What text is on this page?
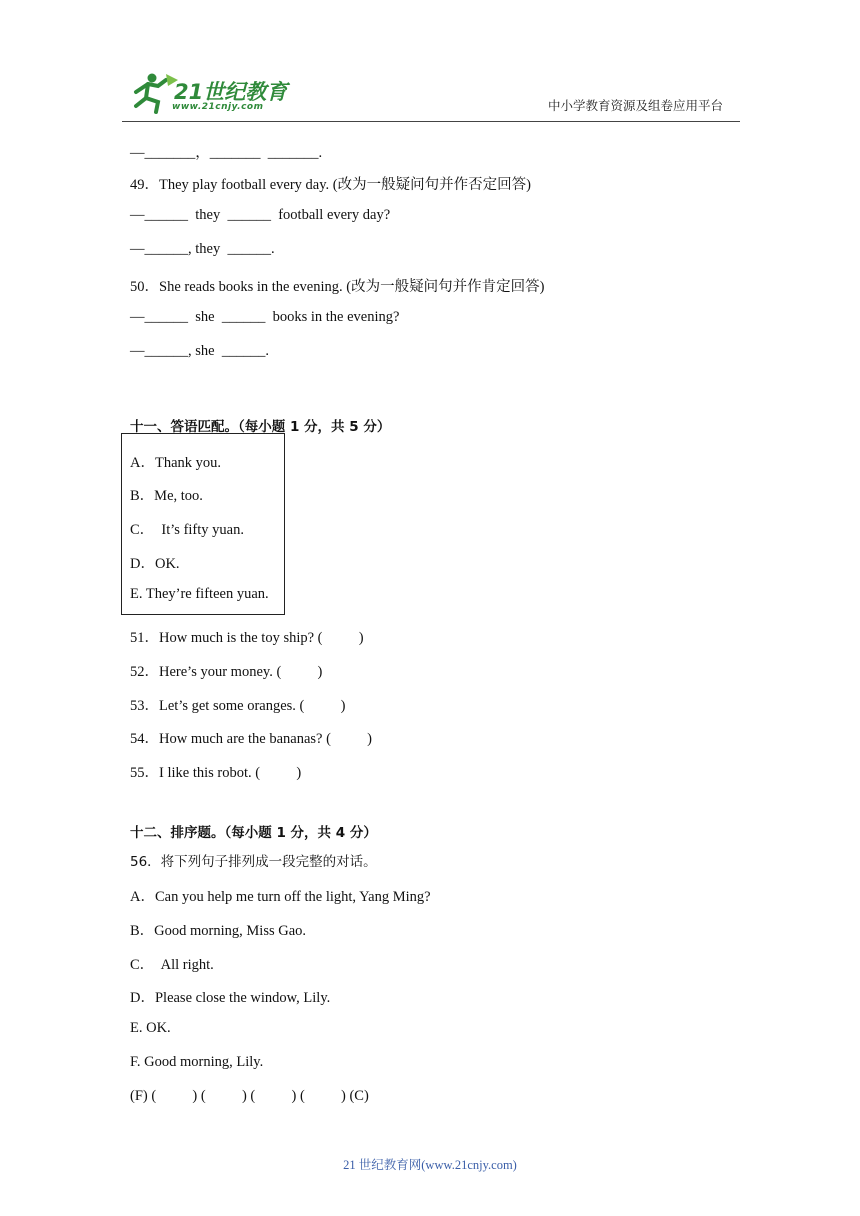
21世纪教育
www.21cnjy.com	中小学教育资源及组卷应用平台
—_______，_______  _______.
49．They play football every day. (改为一般疑问句并作否定回答)
—______  they  ______  football every day?
—______, they  ______.
50．She reads books in the evening. (改为一般疑问句并作肯定回答)
—______  she  ______  books in the evening?
—______, she  ______.
十一、答语匹配。（每小题 1 分，共 5 分）
A．Thank you.
B．Me, too.
C．  It’s fifty yuan.
D．OK.
E. They’re fifteen yuan.
51．How much is the toy ship? (          )
52．Here’s your money. (          )
53．Let’s get some oranges. (          )
54．How much are the bananas? (          )
55．I like this robot. (          )
十二、排序题。（每小题 1 分，共 4 分）
56．将下列句子排列成一段完整的对话。
A．Can you help me turn off the light, Yang Ming?
B．Good morning, Miss Gao.
C．  All right.
D．Please close the window, Lily.
E. OK.
F. Good morning, Lily.
(F) (          ) (          ) (          ) (          ) (C)
21 世纪教育网(www.21cnjy.com)
